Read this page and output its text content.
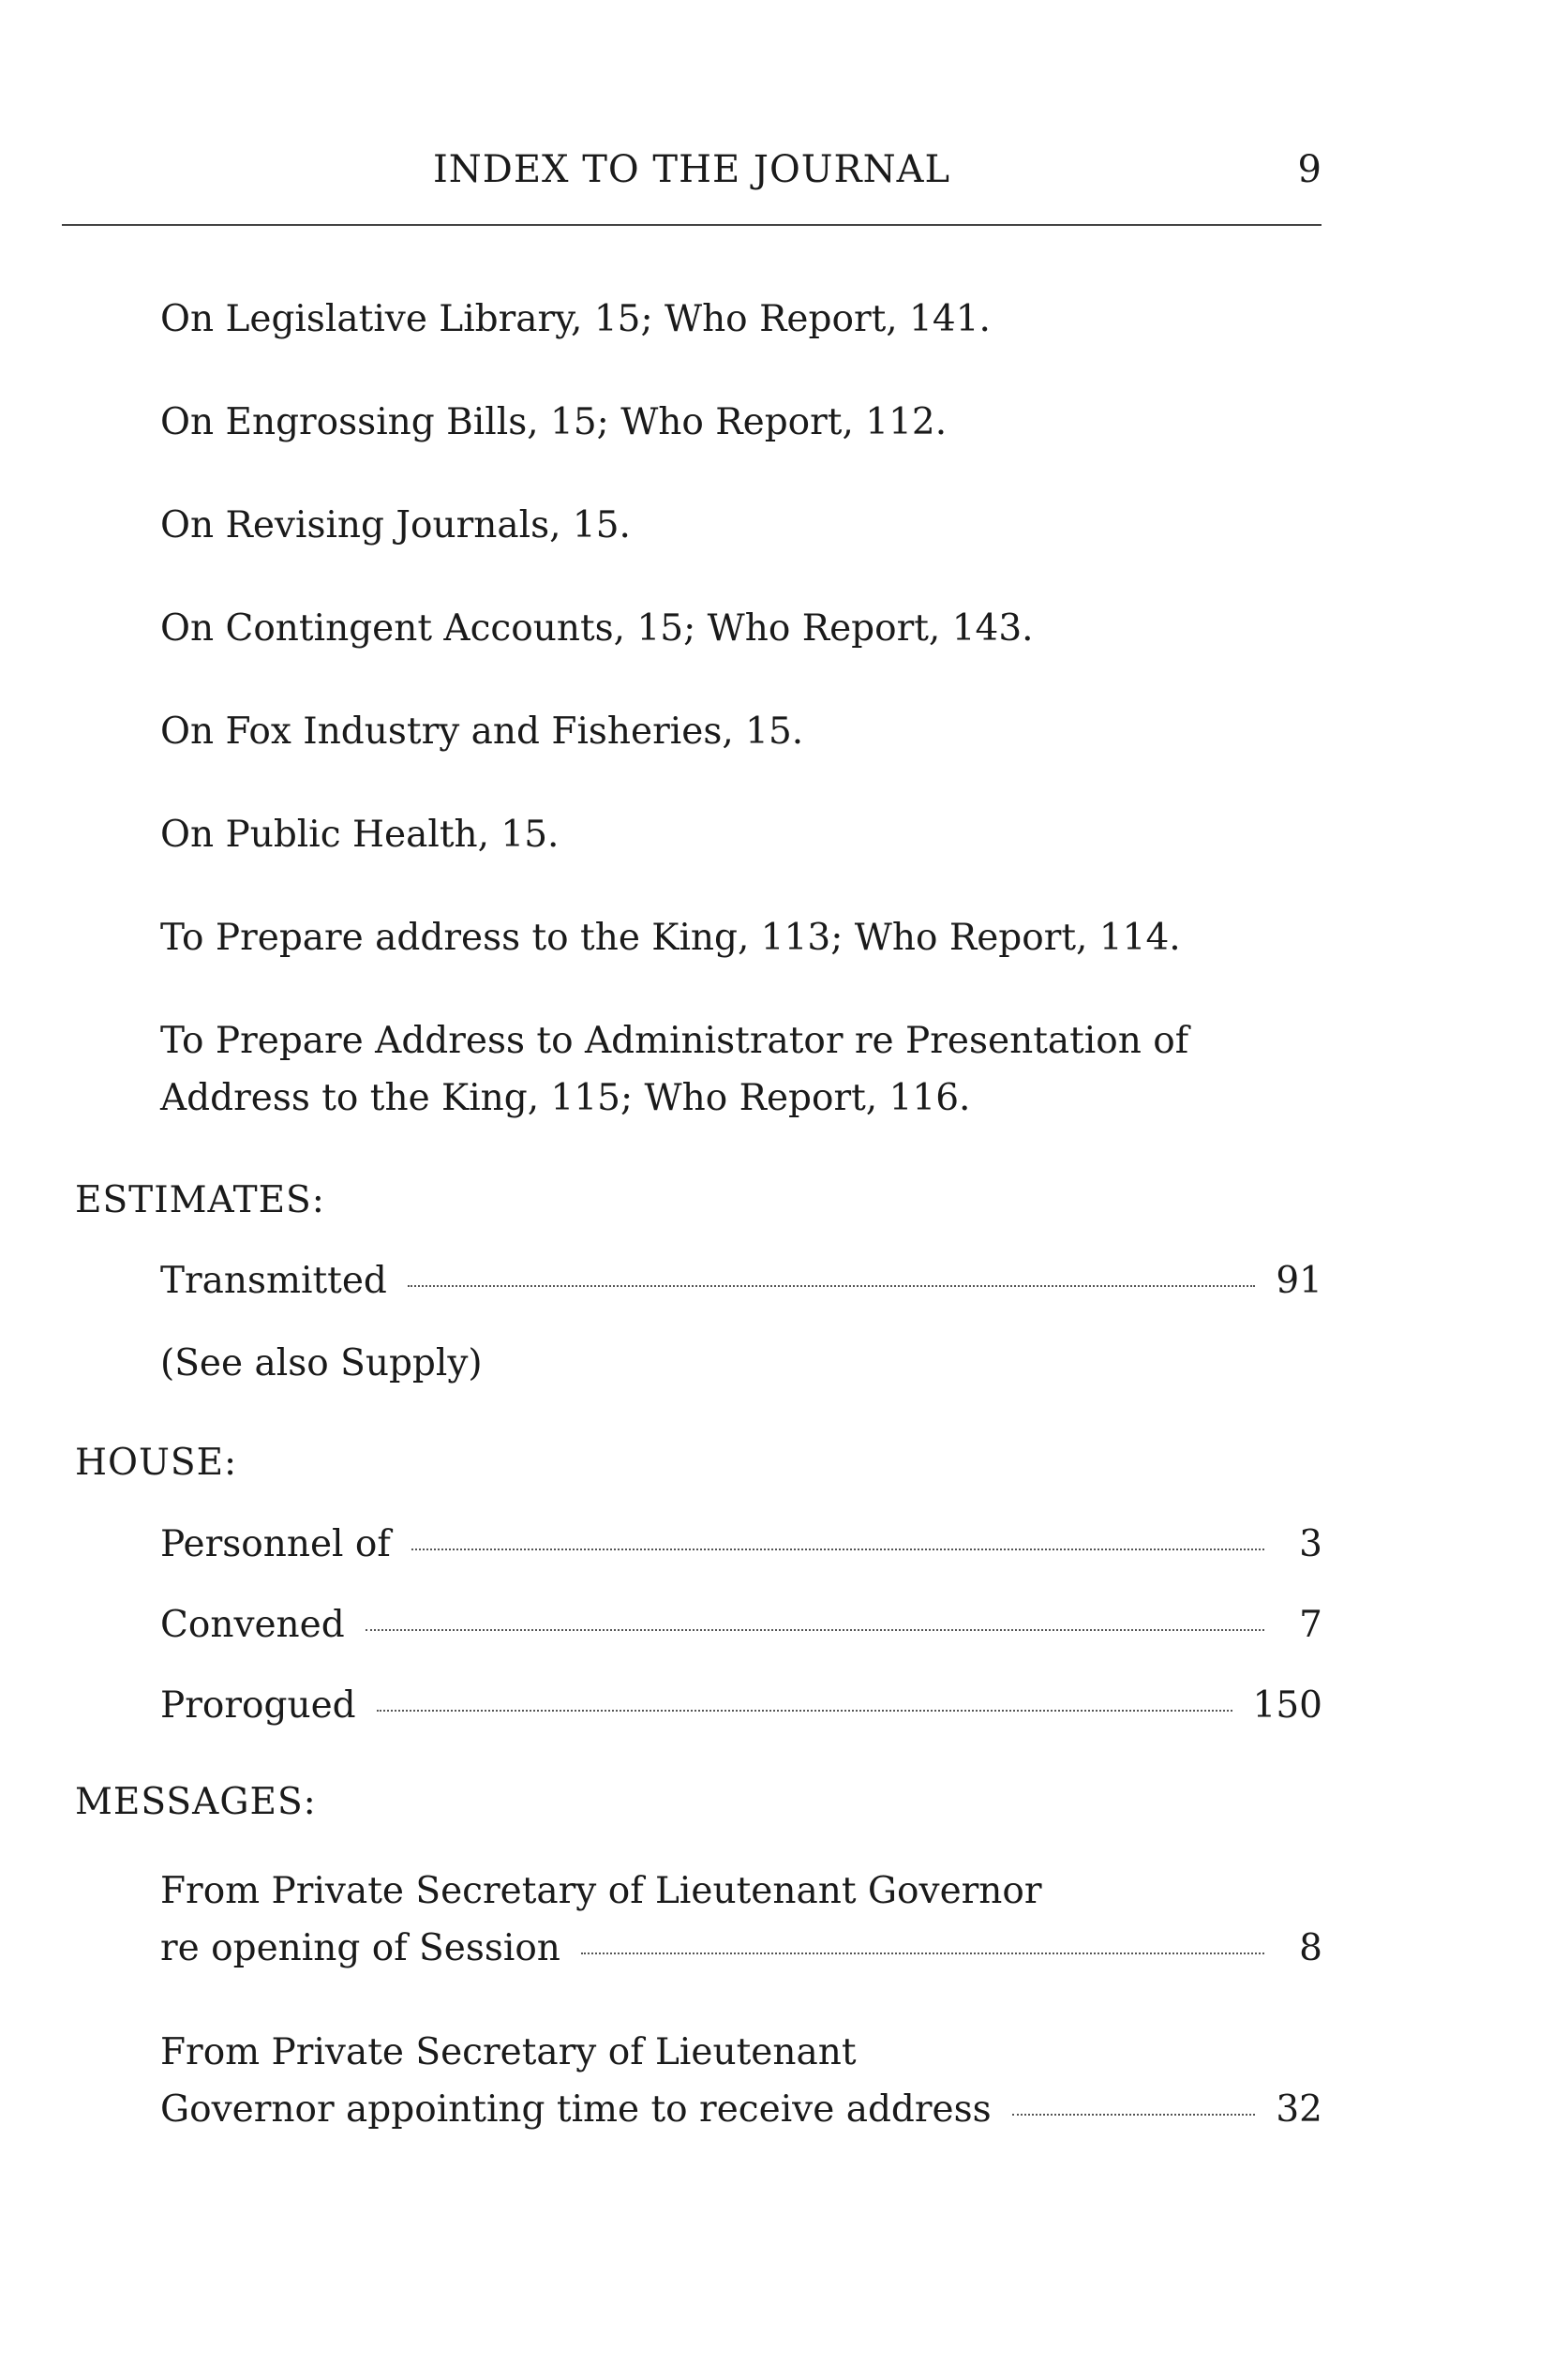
INDEX TO THE JOURNAL	9
On Legislative Library, 15; Who Report, 141.
On Engrossing Bills, 15; Who Report, 112.
On Revising Journals, 15.
On Contingent Accounts, 15; Who Report, 143.
On Fox Industry and Fisheries, 15.
On Public Health, 15.
To Prepare address to the King, 113; Who Report, 114.
To Prepare Address to Administrator re Presentation of
Address to the King, 115; Who Report, 116.
ESTIMATES:
Transmitted	91
(See also Supply)
HOUSE:
Personnel of	3
Convened	7
Prorogued	150
MESSAGES:
From Private Secretary of Lieutenant Governor
re opening of Session	8
From Private Secretary of Lieutenant
Governor appointing time to receive address	32
